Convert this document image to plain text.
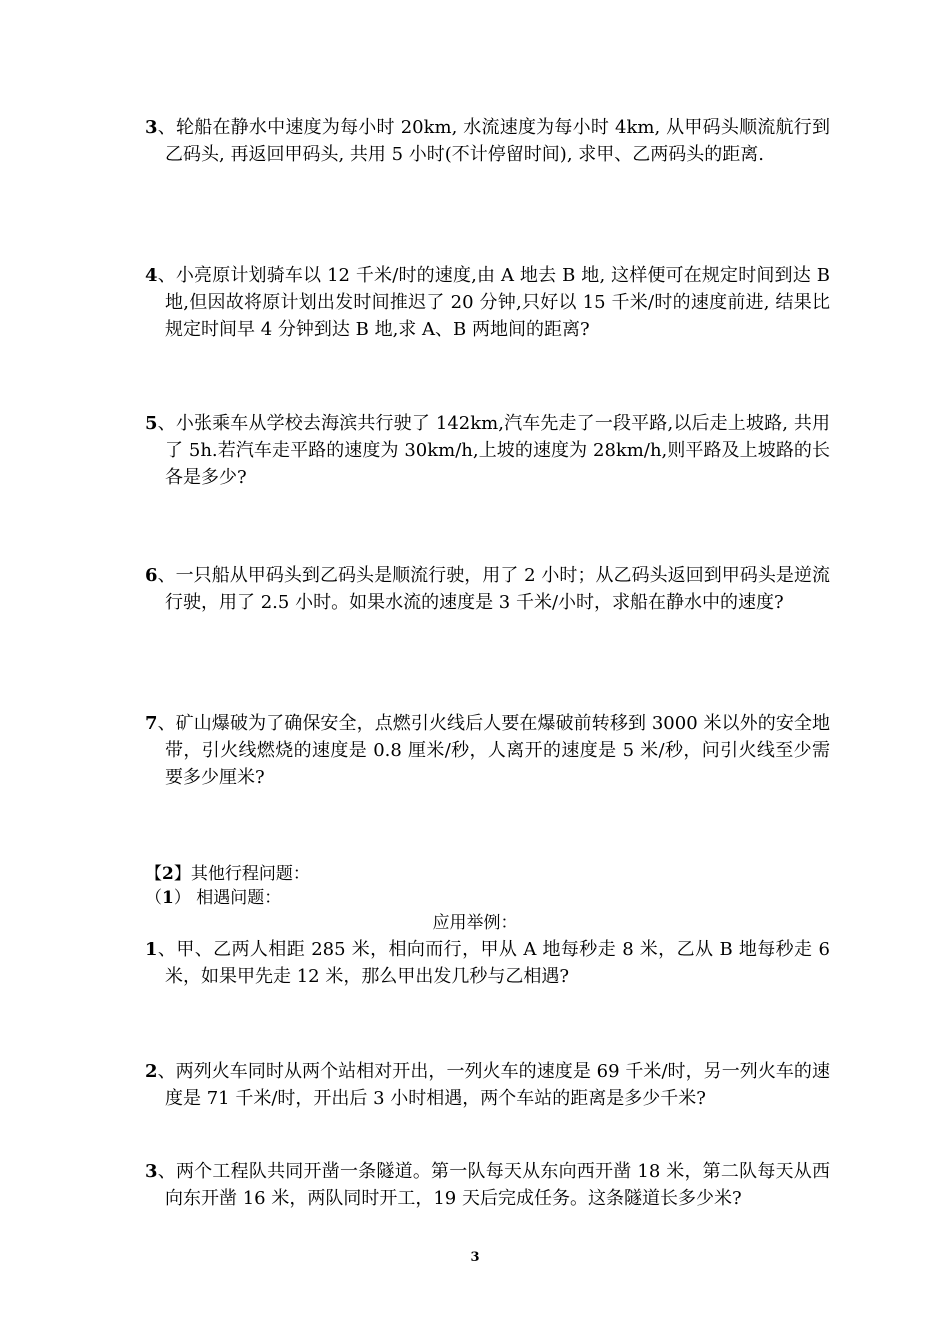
3、轮船在静水中速度为每小时 20km, 水流速度为每小时 4km, 从甲码头顺流航行到乙码头, 再返回甲码头, 共用 5 小时(不计停留时间), 求甲、乙两码头的距离.

4、小亮原计划骑车以 12 千米/时的速度,由 A 地去 B 地, 这样便可在规定时间到达 B 地,但因故将原计划出发时间推迟了 20 分钟,只好以 15 千米/时的速度前进, 结果比规定时间早 4 分钟到达 B 地,求 A、B 两地间的距离?

5、小张乘车从学校去海滨共行驶了 142km,汽车先走了一段平路,以后走上坡路, 共用了 5h.若汽车走平路的速度为 30km/h,上坡的速度为 28km/h,则平路及上坡路的长各是多少?

6、一只船从甲码头到乙码头是顺流行驶，用了 2 小时；从乙码头返回到甲码头是逆流行驶，用了 2.5 小时。如果水流的速度是 3 千米/小时，求船在静水中的速度?

7、矿山爆破为了确保安全，点燃引火线后人要在爆破前转移到 3000 米以外的安全地带，引火线燃烧的速度是 0.8 厘米/秒，人离开的速度是 5 米/秒，问引火线至少需要多少厘米?

【2】其他行程问题：

（1） 相遇问题：

应用举例：

1、甲、乙两人相距 285 米，相向而行，甲从 A 地每秒走 8 米，乙从 B 地每秒走 6 米，如果甲先走 12 米，那么甲出发几秒与乙相遇?

2、两列火车同时从两个站相对开出，一列火车的速度是 69 千米/时，另一列火车的速度是 71 千米/时，开出后 3 小时相遇，两个车站的距离是多少千米?

3、两个工程队共同开凿一条隧道。第一队每天从东向西开凿 18 米，第二队每天从西向东开凿 16 米，两队同时开工，19 天后完成任务。这条隧道长多少米?

3
